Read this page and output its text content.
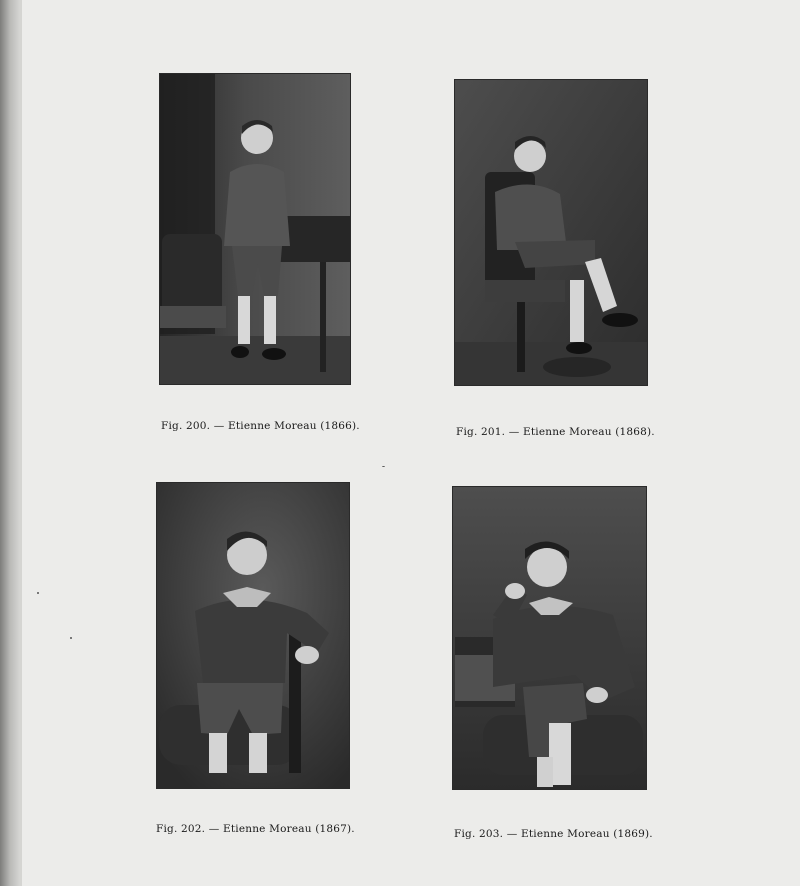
Fig. 200. — Etienne Moreau (1866).	Fig. 201. — Etienne Moreau (1868).
Fig. 202. — Etienne Moreau (1867).	Fig. 203. — Etienne Moreau (1869).
